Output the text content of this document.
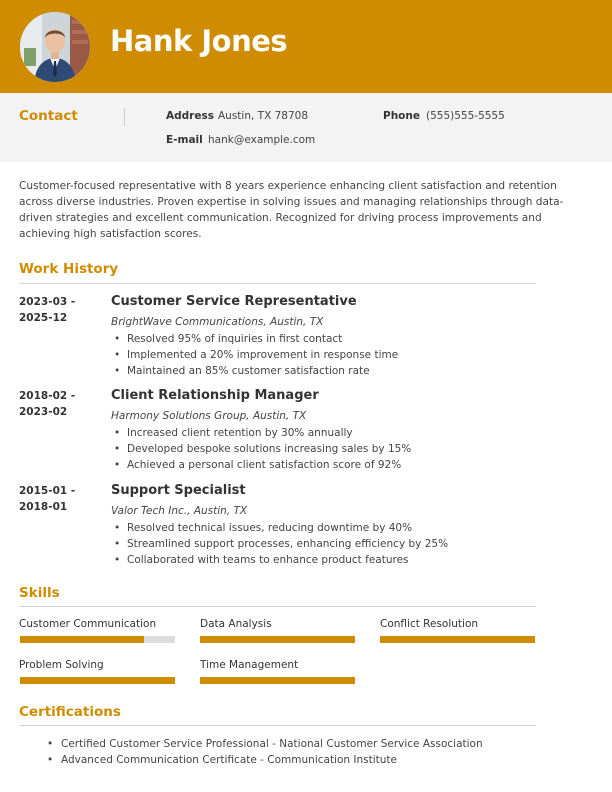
Hank Jones
Contact	Address Austin, TX 78708	Phone (555)555-5555
E-mail hank@example.com
Customer-focused representative with 8 years experience enhancing client satisfaction and retention across diverse industries. Proven expertise in solving issues and managing relationships through data-driven strategies and excellent communication. Recognized for driving process improvements and achieving high satisfaction scores.
Work History
2023-03 -
2025-12
Customer Service Representative
BrightWave Communications, Austin, TX
• Resolved 95% of inquiries in first contact
• Implemented a 20% improvement in response time
• Maintained an 85% customer satisfaction rate
2018-02 -
2023-02
Client Relationship Manager
Harmony Solutions Group, Austin, TX
• Increased client retention by 30% annually
• Developed bespoke solutions increasing sales by 15%
• Achieved a personal client satisfaction score of 92%
2015-01 -
2018-01
Support Specialist
Valor Tech Inc., Austin, TX
• Resolved technical issues, reducing downtime by 40%
• Streamlined support processes, enhancing efficiency by 25%
• Collaborated with teams to enhance product features
Skills
Customer Communication	Data Analysis	Conflict Resolution
Problem Solving	Time Management
Certifications
• Certified Customer Service Professional - National Customer Service Association
• Advanced Communication Certificate - Communication Institute
